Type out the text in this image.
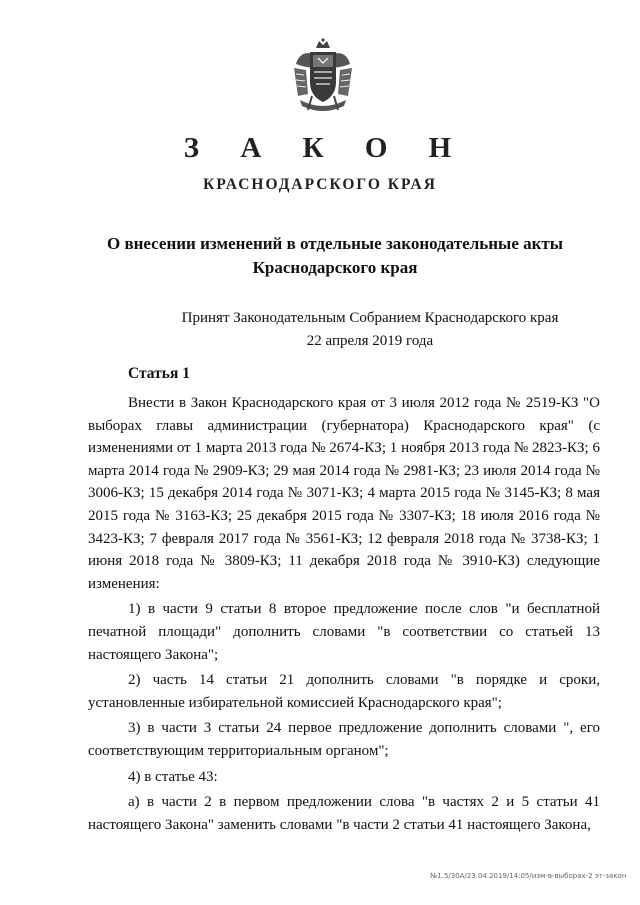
З А К О Н
КРАСНОДАРСКОГО КРАЯ
О внесении изменений в отдельные законодательные акты
Краснодарского края
Принят Законодательным Собранием Краснодарского края
22 апреля 2019 года
Статья 1

Внести в Закон Краснодарского края от 3 июля 2012 года № 2519-КЗ "О выборах главы администрации (губернатора) Краснодарского края" (с изменениями от 1 марта 2013 года № 2674-КЗ; 1 ноября 2013 года № 2823-КЗ; 6 марта 2014 года № 2909-КЗ; 29 мая 2014 года № 2981-КЗ; 23 июля 2014 года № 3006-КЗ; 15 декабря 2014 года № 3071-КЗ; 4 марта 2015 года № 3145-КЗ; 8 мая 2015 года № 3163-КЗ; 25 декабря 2015 года № 3307-КЗ; 18 июля 2016 года № 3423-КЗ; 7 февраля 2017 года № 3561-КЗ; 12 февраля 2018 года № 3738-КЗ; 1 июня 2018 года № 3809-КЗ; 11 декабря 2018 года № 3910-КЗ) следующие изменения:

1) в части 9 статьи 8 второе предложение после слов "и бесплатной печатной площади" дополнить словами "в соответствии со статьей 13 настоящего Закона";

2) часть 14 статьи 21 дополнить словами "в порядке и сроки, установленные избирательной комиссией Краснодарского края";

3) в части 3 статьи 24 первое предложение дополнить словами ", его соответствующим территориальным органом";

4) в статье 43:

а) в части 2 в первом предложении слова "в частях 2 и 5 статьи 41 настоящего Закона" заменить словами "в части 2 статьи 41 настоящего Закона,

№1.5/30А/23.04.2019/14:05/изм-в-выборах-2 эт-закон
